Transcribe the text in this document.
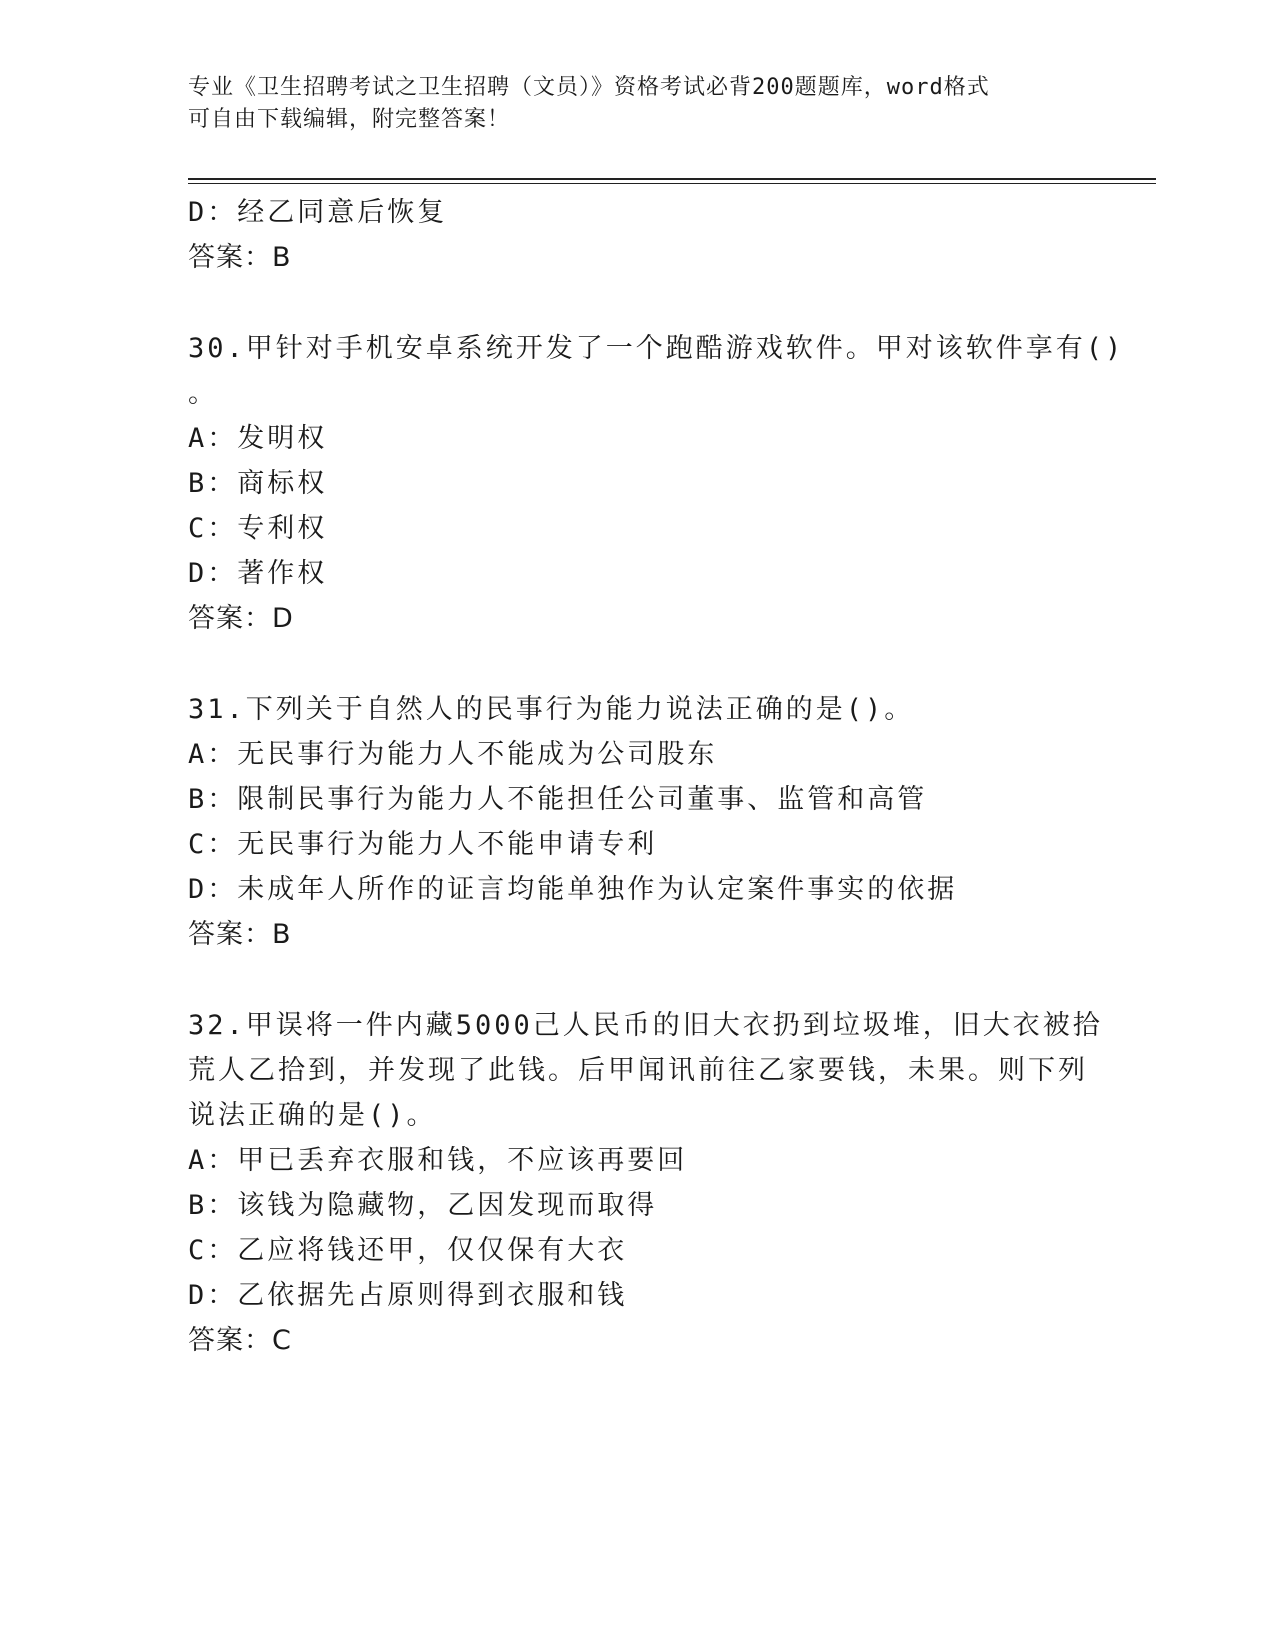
专业《卫生招聘考试之卫生招聘（文员）》资格考试必背200题题库，word格式
可自由下载编辑，附完整答案！
D：经乙同意后恢复
答案：B
30.甲针对手机安卓系统开发了一个跑酷游戏软件。甲对该软件享有()
。
A：发明权
B：商标权
C：专利权
D：著作权
答案：D
31.下列关于自然人的民事行为能力说法正确的是()。
A：无民事行为能力人不能成为公司股东
B：限制民事行为能力人不能担任公司董事、监管和高管
C：无民事行为能力人不能申请专利
D：未成年人所作的证言均能单独作为认定案件事实的依据
答案：B
32.甲误将一件内藏5000己人民币的旧大衣扔到垃圾堆，旧大衣被拾
荒人乙拾到，并发现了此钱。后甲闻讯前往乙家要钱，未果。则下列
说法正确的是()。
A：甲已丢弃衣服和钱，不应该再要回
B：该钱为隐藏物，乙因发现而取得
C：乙应将钱还甲，仅仅保有大衣
D：乙依据先占原则得到衣服和钱
答案：C
